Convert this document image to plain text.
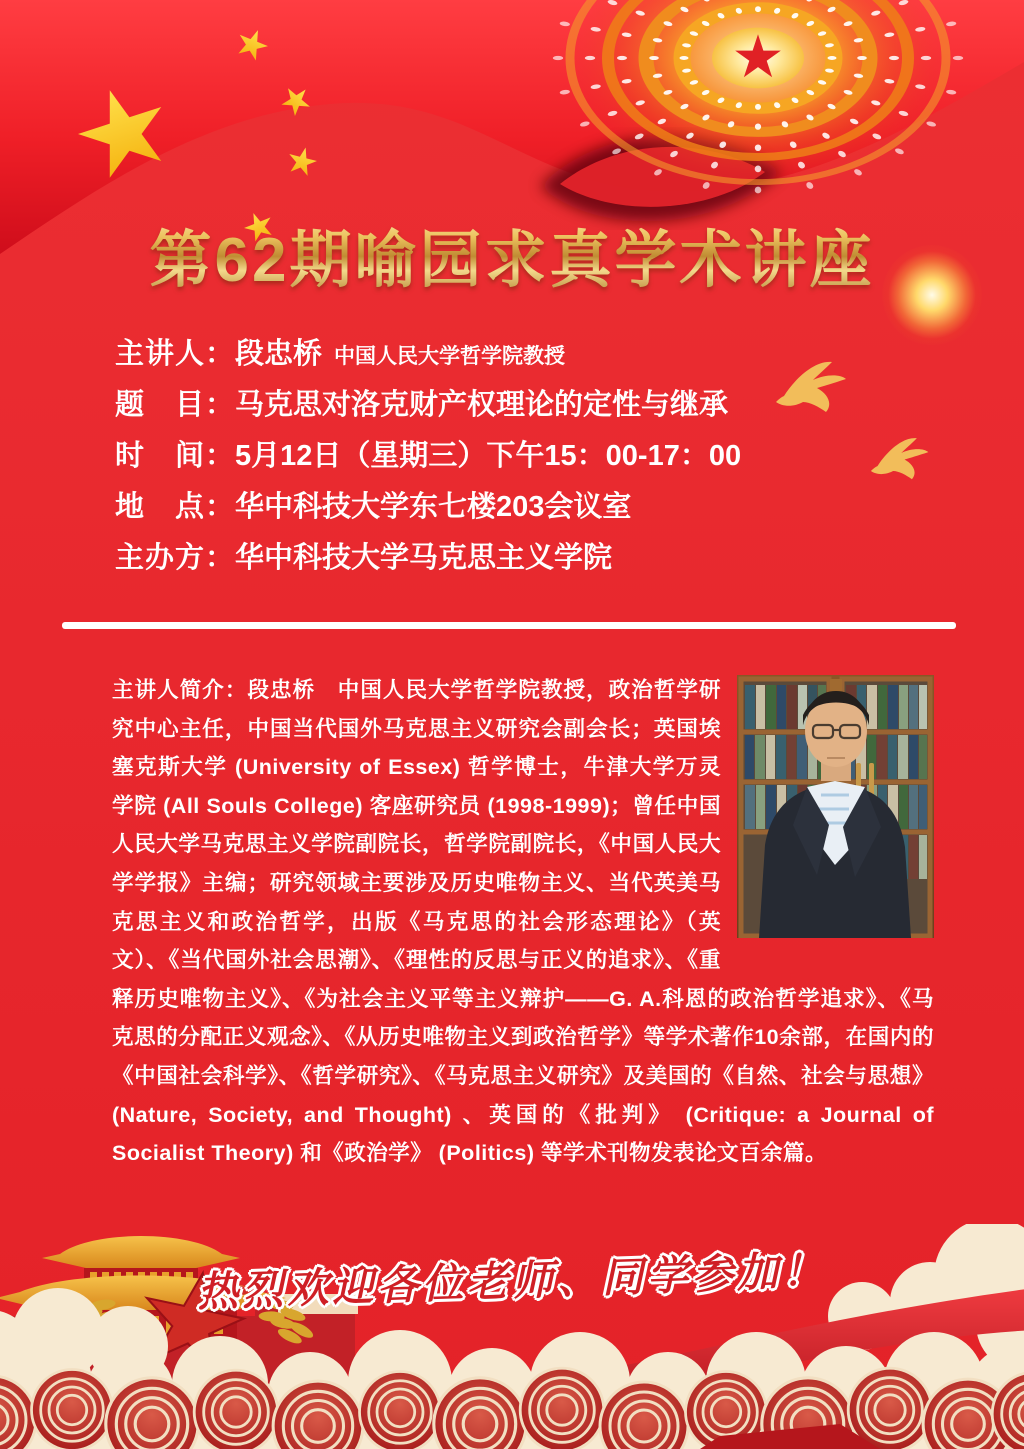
第62期喻园求真学术讲座
主讲人：段忠桥 中国人民大学哲学院教授
题　目：马克思对洛克财产权理论的定性与继承
时　间：5月12日（星期三）下午15：00-17：00
地　点：华中科技大学东七楼203会议室
主办方：华中科技大学马克思主义学院
主讲人简介：段忠桥　中国人民大学哲学院教授，政治哲学研究中心主任，中国当代国外马克思主义研究会副会长；英国埃塞克斯大学 (University of Essex) 哲学博士，牛津大学万灵学院 (All Souls College) 客座研究员 (1998-1999)；曾任中国人民大学马克思主义学院副院长，哲学院副院长，《中国人民大学学报》主编；研究领域主要涉及历史唯物主义、当代英美马克思主义和政治哲学，出版《马克思的社会形态理论》（英文）、《当代国外社会思潮》、《理性的反思与正义的追求》、《重释历史唯物主义》、《为社会主义平等主义辩护——G. A.科恩的政治哲学追求》、《马克思的分配正义观念》、《从历史唯物主义到政治哲学》等学术著作10余部，在国内的《中国社会科学》、《哲学研究》、《马克思主义研究》及美国的《自然、社会与思想》 (Nature, Society, and Thought) 、英国的《批判》 (Critique: a Journal of Socialist Theory) 和《政治学》 (Politics) 等学术刊物发表论文百余篇。
热烈欢迎各位老师、同学参加！
